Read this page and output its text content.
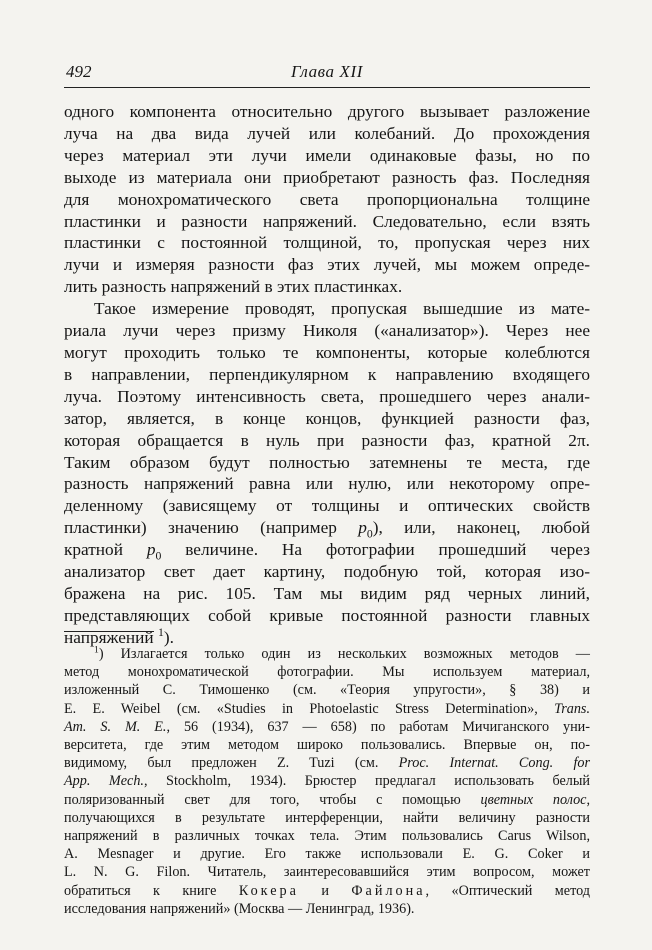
492	Глава XII
одного компонента относительно другого вызывает разложение
луча на два вида лучей или колебаний. До прохождения
через материал эти лучи имели одинаковые фазы, но по
выходе из материала они приобретают разность фаз. Последняя
для монохроматического света пропорциональна толщине
пластинки и разности напряжений. Следовательно, если взять
пластинки с постоянной толщиной, то, пропуская через них
лучи и измеряя разности фаз этих лучей, мы можем опреде-
лить разность напряжений в этих пластинках.
Такое измерение проводят, пропуская вышедшие из мате-
риала лучи через призму Николя («анализатор»). Через нее
могут проходить только те компоненты, которые колеблются
в направлении, перпендикулярном к направлению входящего
луча. Поэтому интенсивность света, прошедшего через анали-
затор, является, в конце концов, функцией разности фаз,
которая обращается в нуль при разности фаз, кратной 2π.
Таким образом будут полностью затемнены те места, где
разность напряжений равна или нулю, или некоторому опре-
деленному (зависящему от толщины и оптических свойств
пластинки) значению (например $p_0$), или, наконец, любой
кратной $p_0$ величине. На фотографии прошедший через
анализатор свет дает картину, подобную той, которая изо-
бражена на рис. 105. Там мы видим ряд черных линий,
представляющих собой кривые постоянной разности главных
напряжений $^1$).
$^1$) Излагается только один из нескольких возможных методов —
метод монохроматической фотографии. Мы используем материал,
изложенный С. Тимошенко (см. «Теория упругости», § 38) и
E. E. Weibel (см. «Studies in Photoelastic Stress Determination», Trans.
Am. S. M. E., 56 (1934), 637 — 658) по работам Мичиганского уни-
верситета, где этим методом широко пользовались. Впервые он, по-
видимому, был предложен Z. Tuzi (см. Proc. Internat. Cong. for
App. Mech., Stockholm, 1934). Брюстер предлагал использовать белый
поляризованный свет для того, чтобы с помощью цветных полос,
получающихся в результате интерференции, найти величину разности
напряжений в различных точках тела. Этим пользовались Carus Wilson,
A. Mesnager и другие. Его также использовали E. G. Coker и
L. N. G. Filon. Читатель, заинтересовавшийся этим вопросом, может
обратиться к книге Кокера и Файлона, «Оптический метод
исследования напряжений» (Москва — Ленинград, 1936).
